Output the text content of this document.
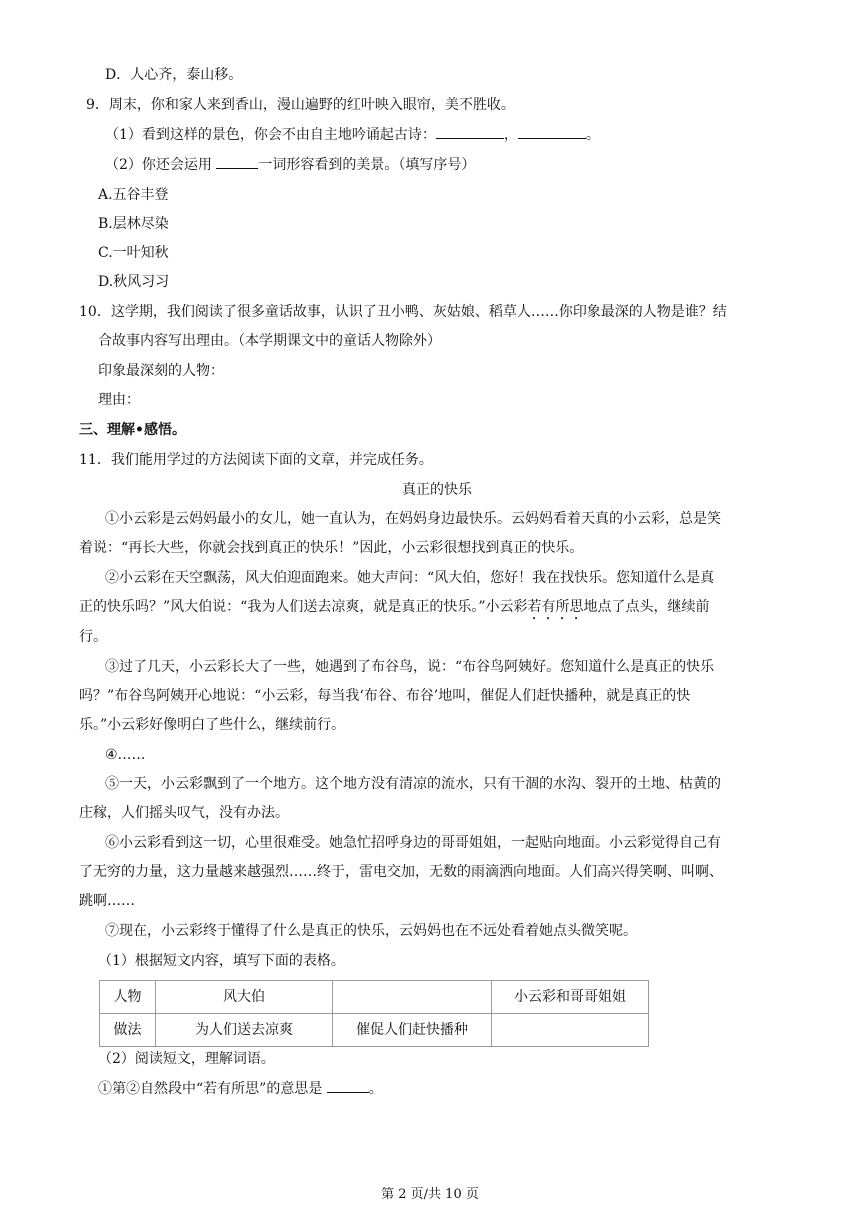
D．人心齐，泰山移。
9．周末，你和家人来到香山，漫山遍野的红叶映入眼帘，美不胜收。
（1）看到这样的景色，你会不由自主地吟诵起古诗：	，	。
（2）你还会运用	一词形容看到的美景。（填写序号）
A.五谷丰登
B.层林尽染
C.一叶知秋
D.秋风习习
10．这学期，我们阅读了很多童话故事，认识了丑小鸭、灰姑娘、稻草人……你印象最深的人物是谁？结
合故事内容写出理由。（本学期课文中的童话人物除外）
印象最深刻的人物：
理由：
三、理解•感悟。
11．我们能用学过的方法阅读下面的文章，并完成任务。
真正的快乐
①小云彩是云妈妈最小的女儿，她一直认为，在妈妈身边最快乐。云妈妈看着天真的小云彩，总是笑
着说：“再长大些，你就会找到真正的快乐！”因此，小云彩很想找到真正的快乐。
②小云彩在天空飘荡，风大伯迎面跑来。她大声问：“风大伯，您好！我在找快乐。您知道什么是真
正的快乐吗？”风大伯说：“我为人们送去凉爽，就是真正的快乐。”小云彩若有所思地点了点头，继续前
行。
③过了几天，小云彩长大了一些，她遇到了布谷鸟，说：“布谷鸟阿姨好。您知道什么是真正的快乐
吗？”布谷鸟阿姨开心地说：“小云彩，每当我‘布谷、布谷’地叫，催促人们赶快播种，就是真正的快
乐。”小云彩好像明白了些什么，继续前行。
④……
⑤一天，小云彩飘到了一个地方。这个地方没有清凉的流水，只有干涸的水沟、裂开的土地、枯黄的
庄稼，人们摇头叹气，没有办法。
⑥小云彩看到这一切，心里很难受。她急忙招呼身边的哥哥姐姐，一起贴向地面。小云彩觉得自己有
了无穷的力量，这力量越来越强烈……终于，雷电交加，无数的雨滴洒向地面。人们高兴得笑啊、叫啊、
跳啊……
⑦现在，小云彩终于懂得了什么是真正的快乐，云妈妈也在不远处看着她点头微笑呢。
（1）根据短文内容，填写下面的表格。
人物	风大伯		小云彩和哥哥姐姐
做法	为人们送去凉爽	催促人们赶快播种	
（2）阅读短文，理解词语。
①第②自然段中“若有所思”的意思是	。
第 2 页/共 10 页
